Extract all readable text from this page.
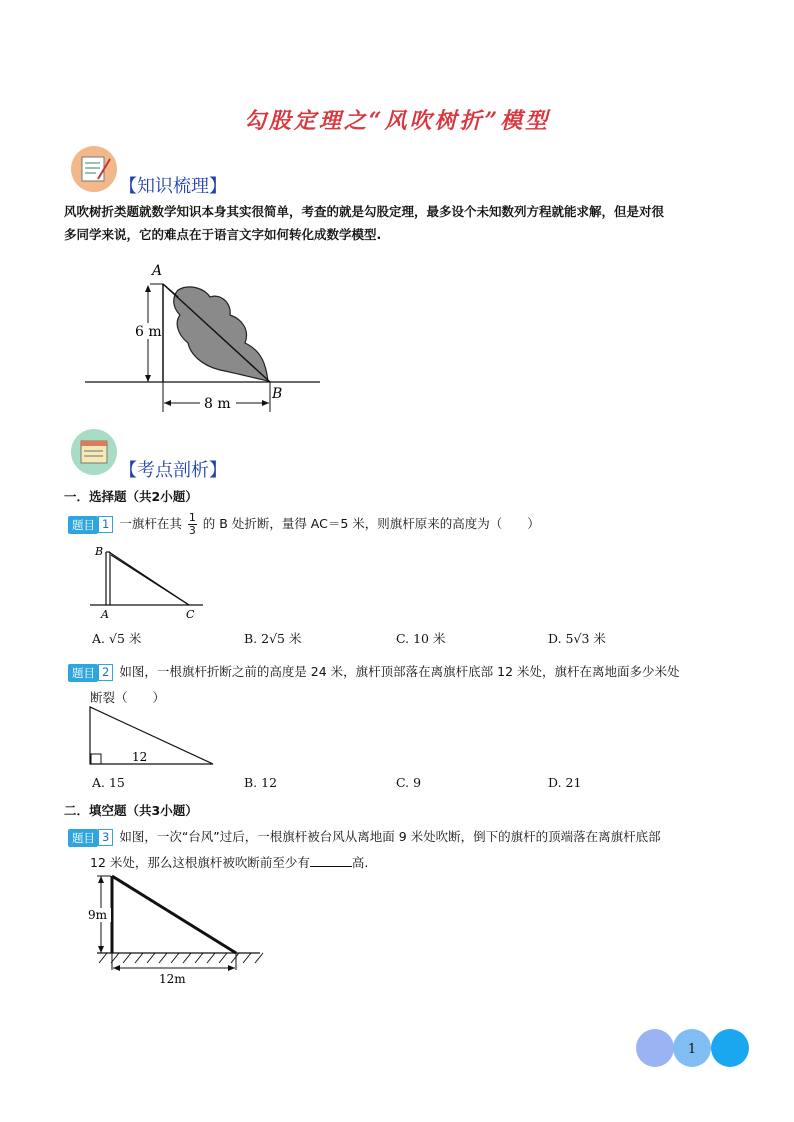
勾股定理之“风吹树折”模型
【知识梳理】
风吹树折类题就数学知识本身其实很简单，考查的就是勾股定理，最多设个未知数列方程就能求解，但是对很
多同学来说，它的难点在于语言文字如何转化成数学模型.
6 m
A
B
8 m
【考点剖析】
一．选择题（共2小题）
题目 1 一旗杆在其 $\frac{1}{3}$ 的 B 处折断，量得 AC＝5 米，则旗杆原来的高度为（　　）
B
A	C
A. √5 米	B. 2√5 米	C. 10 米	D. 5√3 米
题目 2 如图，一根旗杆折断之前的高度是 24 米，旗杆顶部落在离旗杆底部 12 米处，旗杆在离地面多少米处
断裂（　　）
12
A. 15	B. 12	C. 9	D. 21
二．填空题（共3小题）
题目 3 如图，一次“台风”过后，一根旗杆被台风从离地面 9 米处吹断，倒下的旗杆的顶端落在离旗杆底部
12 米处，那么这根旗杆被吹断前至少有	高.
9m
12m
1
